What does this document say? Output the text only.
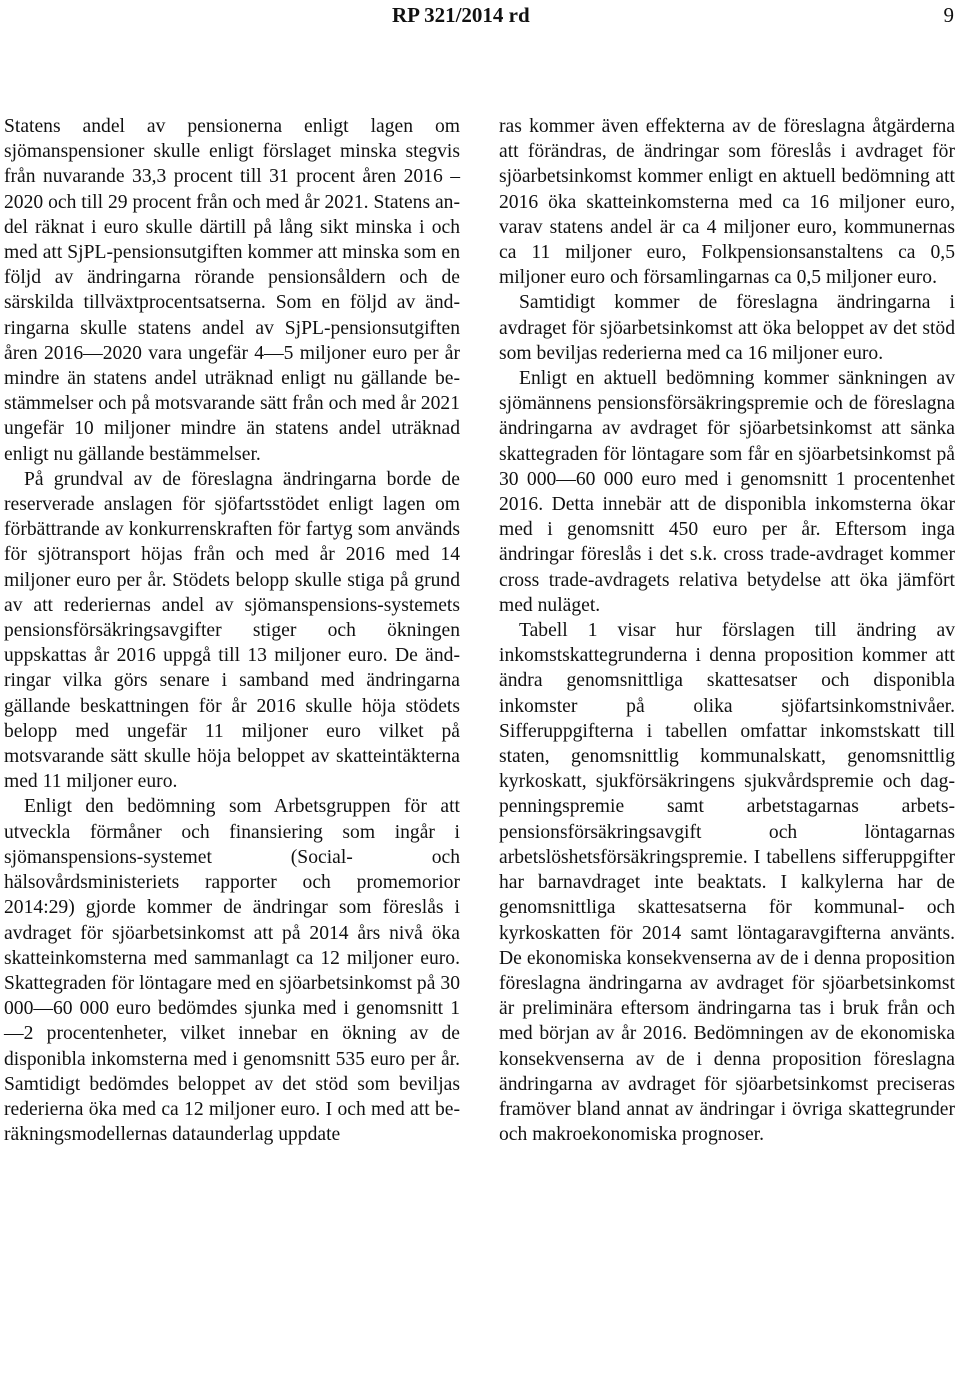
RP 321/2014 rd	9

Statens andel av pensionerna enligt lagen om sjömanspensioner skulle enligt förslaget minska stegvis från nuvarande 33,3 procent till 31 procent åren 2016 – 2020 och till 29 procent från och med år 2021. Statens andel räknat i euro skulle därtill på lång sikt minska i och med att SjPL-pensionsutgiften kommer att minska som en följd av ändringarna rörande pensionsåldern och de särskilda tillväxtprocentsatserna. Som en följd av ändringarna skulle statens andel av SjPL-pensionsutgiften åren 2016—2020 vara ungefär 4—5 miljoner euro per år mindre än statens andel uträknad enligt nu gällande bestämmelser och på motsvarande sätt från och med år 2021 ungefär 10 miljoner mindre än statens andel uträknad enligt nu gällande bestämmelser.

På grundval av de föreslagna ändringarna borde de reserverade anslagen för sjöfartsstödet enligt lagen om förbättrande av konkurrenskraften för fartyg som används för sjötransport höjas från och med år 2016 med 14 miljoner euro per år. Stödets belopp skulle stiga på grund av att rederiernas andel av sjömanspensions-systemets pensionsförsäkringsavgifter stiger och ökningen uppskattas år 2016 uppgå till 13 miljoner euro. De ändringar vilka görs senare i samband med ändringarna gällande beskattningen för år 2016 skulle höja stödets belopp med ungefär 11 miljoner euro vilket på motsvarande sätt skulle höja beloppet av skatteintäkterna med 11 miljoner euro.

Enligt den bedömning som Arbetsgruppen för att utveckla förmåner och finansiering som ingår i sjömanspensions-systemet (Social- och hälsovårdsministeriets rapporter och promemorior 2014:29) gjorde kommer de ändringar som föreslås i avdraget för sjöarbetsinkomst att på 2014 års nivå öka skatteinkomsterna med sammanlagt ca 12 miljoner euro. Skattegraden för löntagare med en sjöarbetsinkomst på 30 000—60 000 euro bedömdes sjunka med i genomsnitt 1—2 procentenheter, vilket innebar en ökning av de disponibla inkomsterna med i genomsnitt 535 euro per år. Samtidigt bedömdes beloppet av det stöd som beviljas rederierna öka med ca 12 miljoner euro. I och med att beräkningsmodellernas dataunderlag uppdate

ras kommer även effekterna av de föreslagna åtgärderna att förändras, de ändringar som föreslås i avdraget för sjöarbetsinkomst kommer enligt en aktuell bedömning att 2016 öka skatteinkomsterna med ca 16 miljoner euro, varav statens andel är ca 4 miljoner euro, kommunernas ca 11 miljoner euro, Folkpensionsanstaltens ca 0,5 miljoner euro och församlingarnas ca 0,5 miljoner euro.

Samtidigt kommer de föreslagna ändringarna i avdraget för sjöarbetsinkomst att öka beloppet av det stöd som beviljas rederierna med ca 16 miljoner euro.

Enligt en aktuell bedömning kommer sänkningen av sjömännens pensionsförsäkringspremie och de föreslagna ändringarna av avdraget för sjöarbetsinkomst att sänka skattegraden för löntagare som får en sjöarbetsinkomst på 30 000—60 000 euro med i genomsnitt 1 procentenhet 2016. Detta innebär att de disponibla inkomsterna ökar med i genomsnitt 450 euro per år. Eftersom inga ändringar föreslås i det s.k. cross trade-avdraget kommer cross trade-avdragets relativa betydelse att öka jämfört med nuläget.

Tabell 1 visar hur förslagen till ändring av inkomstskattegrunderna i denna proposition kommer att ändra genomsnittliga skattesatser och disponibla inkomster på olika sjöfartsinkomstnivåer. Sifferuppgifterna i tabellen omfattar inkomstskatt till staten, genomsnittlig kommunalskatt, genomsnittlig kyrkoskatt, sjukförsäkringens sjukvårdspremie och dagpenningspremie samt arbetstagarnas arbetspensionsförsäkringsavgift och löntagarnas arbetslöshetsförsäkringspremie. I tabellens sifferuppgifter har barnavdraget inte beaktats. I kalkylerna har de genomsnittliga skattesatserna för kommunal- och kyrkoskatten för 2014 samt löntagaravgifterna använts. De ekonomiska konsekvenserna av de i denna proposition föreslagna ändringarna av avdraget för sjöarbetsinkomst är preliminära eftersom ändringarna tas i bruk från och med början av år 2016. Bedömningen av de ekonomiska konsekvenserna av de i denna proposition föreslagna ändringarna av avdraget för sjöarbetsinkomst preciseras framöver bland annat av ändringar i övriga skattegrunder och makroekonomiska prognoser.
